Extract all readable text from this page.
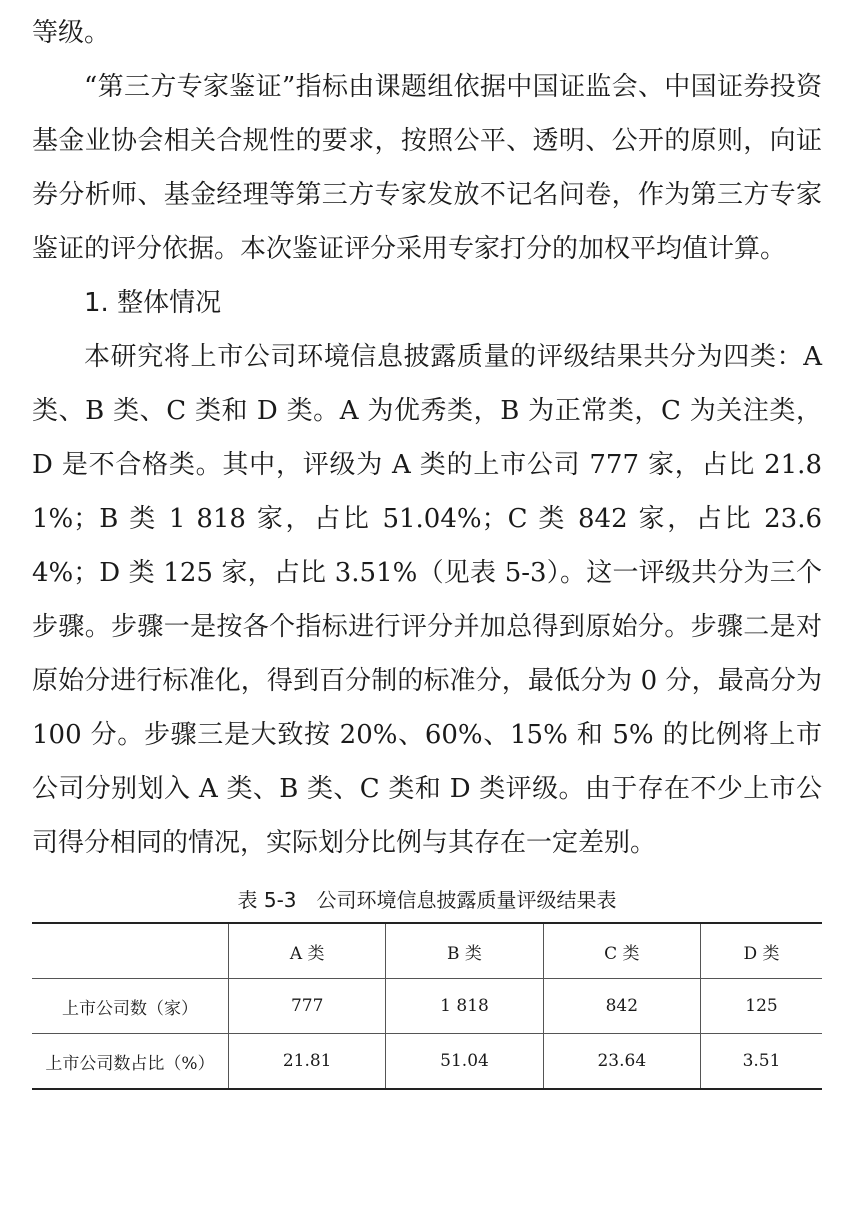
等级。

“第三方专家鉴证”指标由课题组依据中国证监会、中国证券投资基金业协会相关合规性的要求，按照公平、透明、公开的原则，向证券分析师、基金经理等第三方专家发放不记名问卷，作为第三方专家鉴证的评分依据。本次鉴证评分采用专家打分的加权平均值计算。

1. 整体情况

本研究将上市公司环境信息披露质量的评级结果共分为四类：A 类、B 类、C 类和 D 类。A 为优秀类，B 为正常类，C 为关注类，D 是不合格类。其中，评级为 A 类的上市公司 777 家，占比 21.81%；B 类 1 818 家，占比 51.04%；C 类 842 家，占比 23.64%；D 类 125 家，占比 3.51%（见表 5-3）。这一评级共分为三个步骤。步骤一是按各个指标进行评分并加总得到原始分。步骤二是对原始分进行标准化，得到百分制的标准分，最低分为 0 分，最高分为 100 分。步骤三是大致按 20%、60%、15% 和 5% 的比例将上市公司分别划入 A 类、B 类、C 类和 D 类评级。由于存在不少上市公司得分相同的情况，实际划分比例与其存在一定差别。

表 5-3　公司环境信息披露质量评级结果表
	A 类	B 类	C 类	D 类
上市公司数（家）	777	1 818	842	125
上市公司数占比（%）	21.81	51.04	23.64	3.51
